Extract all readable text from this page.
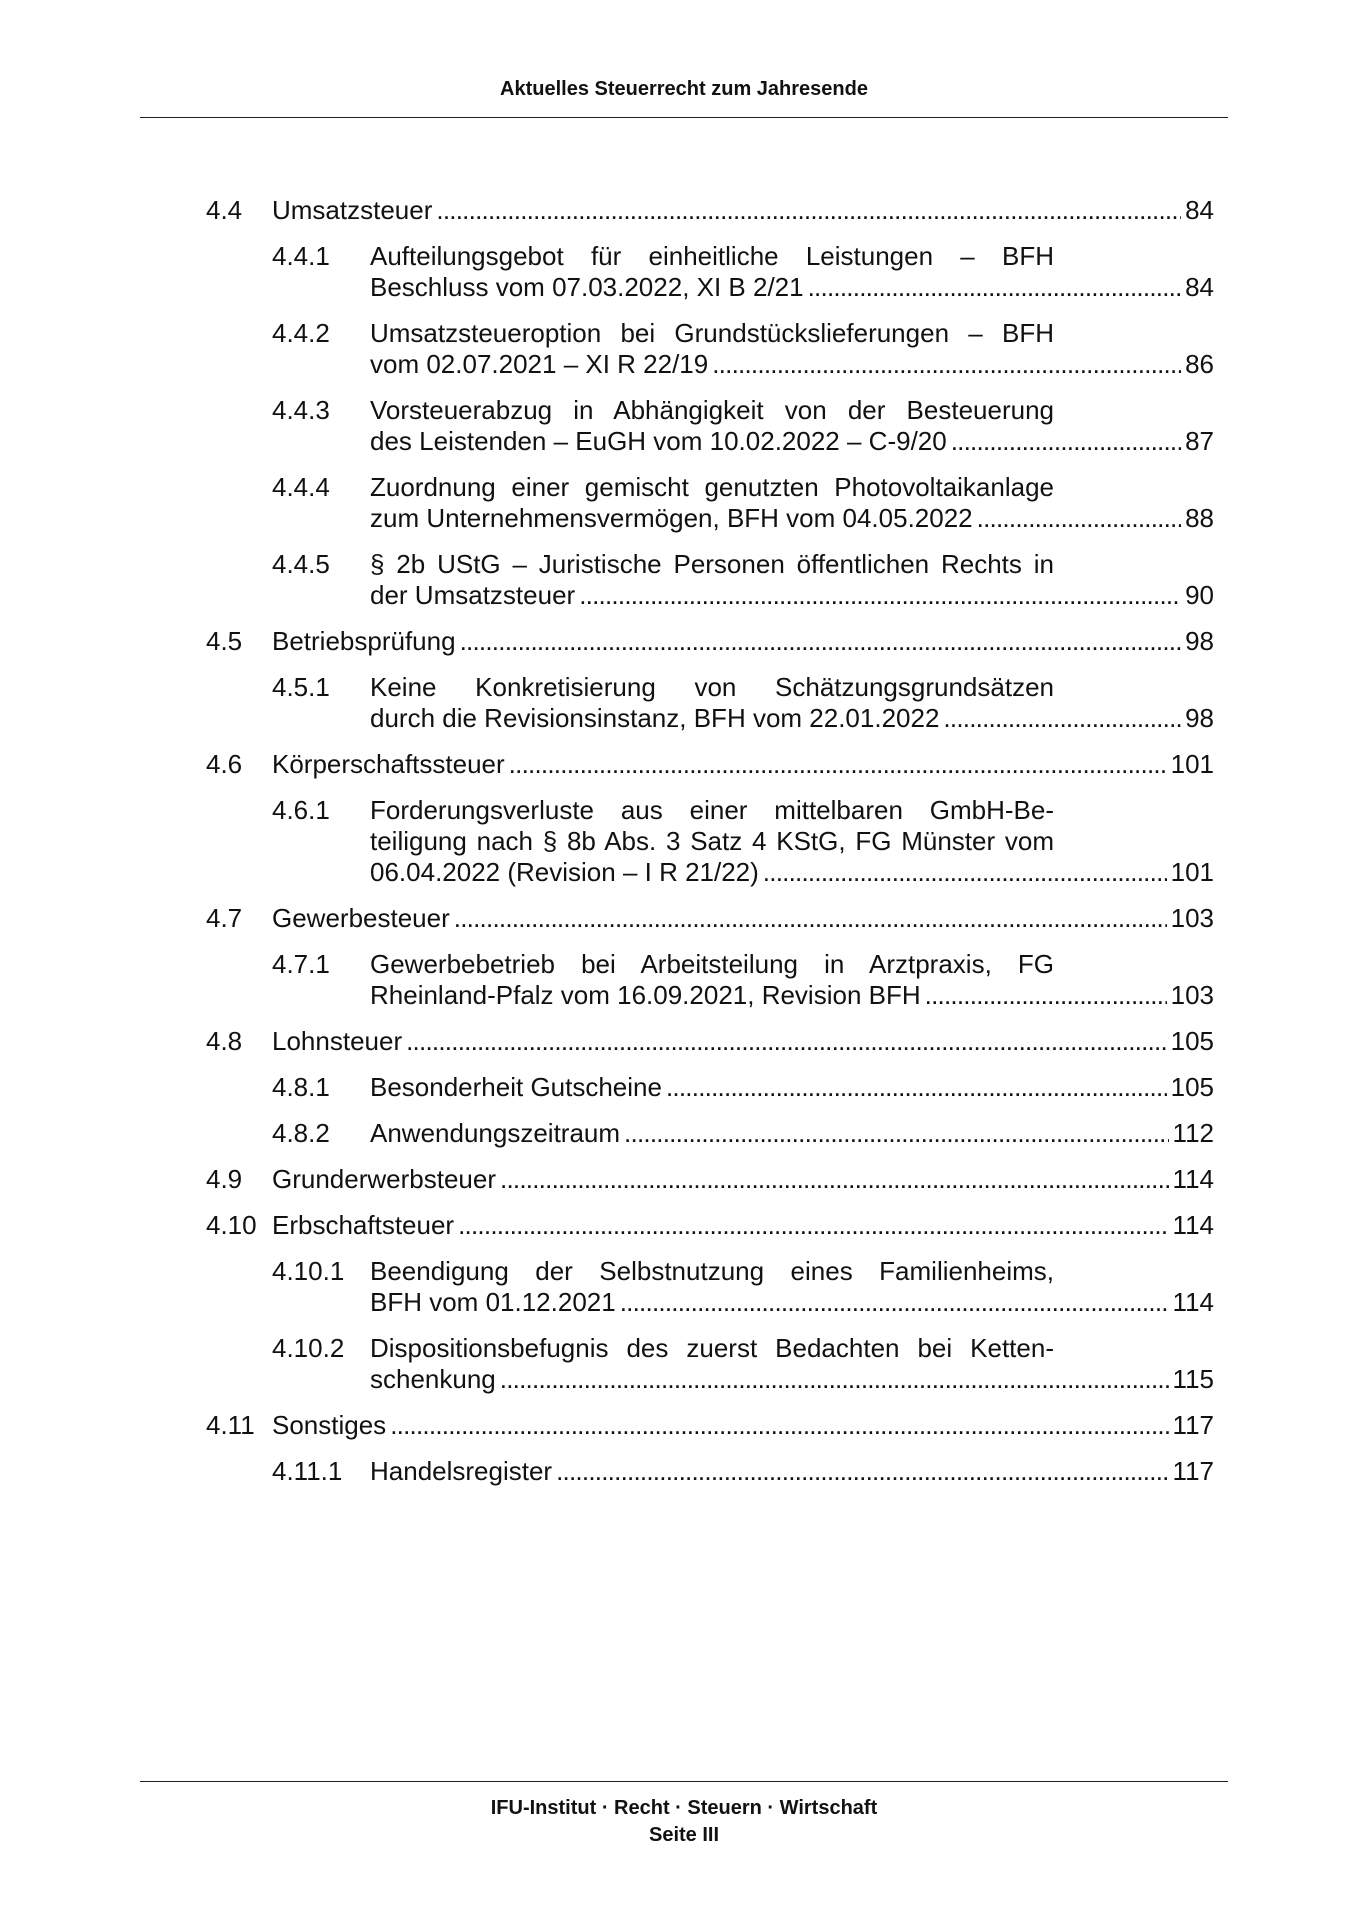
Aktuelles Steuerrecht zum Jahresende
4.4 Umsatzsteuer . . .	84
4.4.1 Aufteilungsgebot für einheitliche Leistungen – BFH
Beschluss vom 07.03.2022, XI B 2/21 . . .	84
4.4.2 Umsatzsteueroption bei Grundstückslieferungen – BFH
vom 02.07.2021 – XI R 22/19 . . .	86
4.4.3 Vorsteuerabzug in Abhängigkeit von der Besteuerung
des Leistenden – EuGH vom 10.02.2022 – C-9/20 . . .	87
4.4.4 Zuordnung einer gemischt genutzten Photovoltaikanlage
zum Unternehmensvermögen, BFH vom 04.05.2022 . . .	88
4.4.5 § 2b UStG – Juristische Personen öffentlichen Rechts in
der Umsatzsteuer . . .	90
4.5 Betriebsprüfung . . .	98
4.5.1 Keine Konkretisierung von Schätzungsgrundsätzen
durch die Revisionsinstanz, BFH vom 22.01.2022 . . .	98
4.6 Körperschaftssteuer . . .	101
4.6.1 Forderungsverluste aus einer mittelbaren GmbH-Be-
teiligung nach § 8b Abs. 3 Satz 4 KStG, FG Münster vom
06.04.2022 (Revision – I R 21/22) . . .	101
4.7 Gewerbesteuer . . .	103
4.7.1 Gewerbebetrieb bei Arbeitsteilung in Arztpraxis, FG
Rheinland-Pfalz vom 16.09.2021, Revision BFH . . .	103
4.8 Lohnsteuer . . .	105
4.8.1 Besonderheit Gutscheine . . .	105
4.8.2 Anwendungszeitraum . . .	112
4.9 Grunderwerbsteuer . . .	114
4.10 Erbschaftsteuer . . .	114
4.10.1 Beendigung der Selbstnutzung eines Familienheims,
BFH vom 01.12.2021 . . .	114
4.10.2 Dispositionsbefugnis des zuerst Bedachten bei Ketten-
schenkung . . .	115
4.11 Sonstiges . . .	117
4.11.1 Handelsregister . . .	117
IFU-Institut · Recht · Steuern · Wirtschaft
Seite III
